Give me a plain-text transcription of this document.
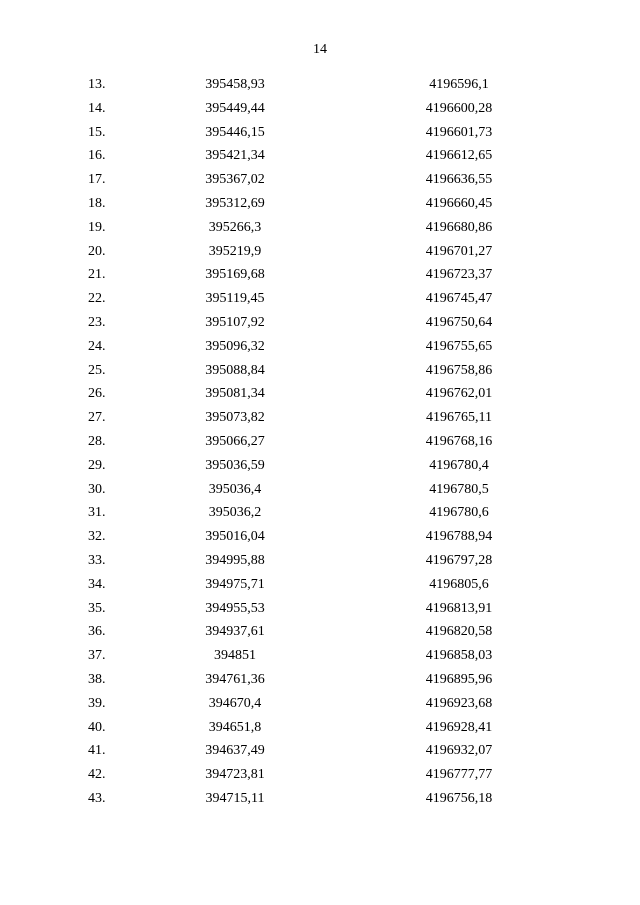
14
13.	395458,93	4196596,1
14.	395449,44	4196600,28
15.	395446,15	4196601,73
16.	395421,34	4196612,65
17.	395367,02	4196636,55
18.	395312,69	4196660,45
19.	395266,3	4196680,86
20.	395219,9	4196701,27
21.	395169,68	4196723,37
22.	395119,45	4196745,47
23.	395107,92	4196750,64
24.	395096,32	4196755,65
25.	395088,84	4196758,86
26.	395081,34	4196762,01
27.	395073,82	4196765,11
28.	395066,27	4196768,16
29.	395036,59	4196780,4
30.	395036,4	4196780,5
31.	395036,2	4196780,6
32.	395016,04	4196788,94
33.	394995,88	4196797,28
34.	394975,71	4196805,6
35.	394955,53	4196813,91
36.	394937,61	4196820,58
37.	394851	4196858,03
38.	394761,36	4196895,96
39.	394670,4	4196923,68
40.	394651,8	4196928,41
41.	394637,49	4196932,07
42.	394723,81	4196777,77
43.	394715,11	4196756,18
